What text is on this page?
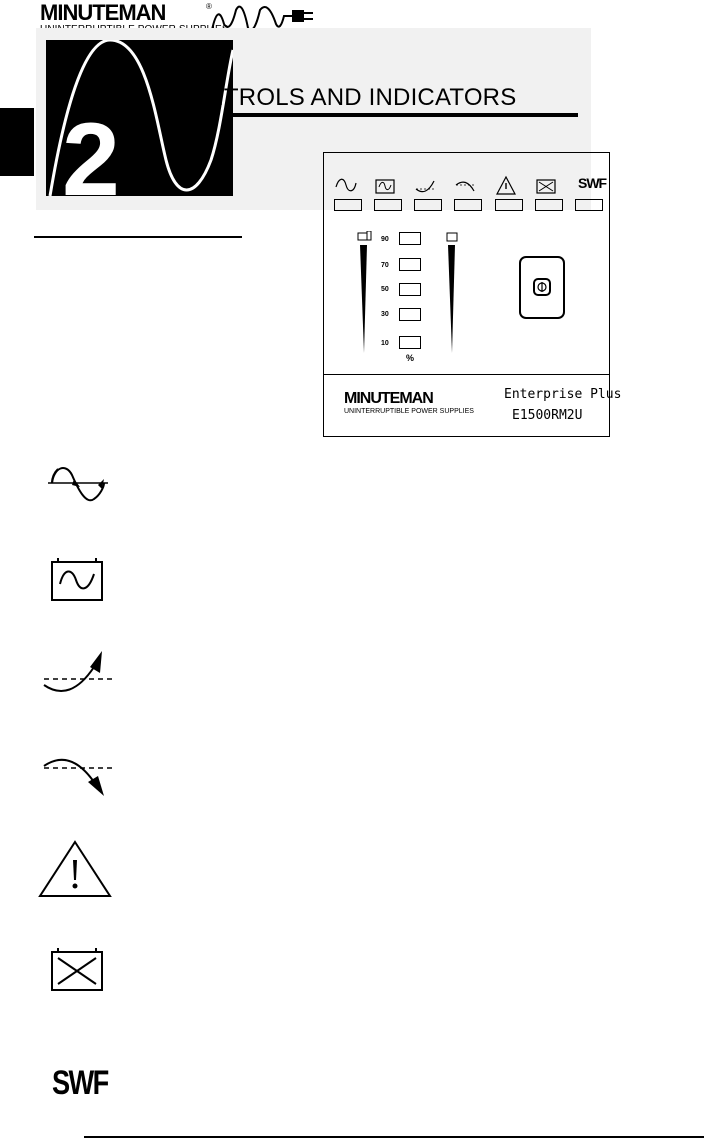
MINUTEMAN	®
2
CONTROLS AND INDICATORS
SWF
90
70
50
30
10
%
MINUTEMAN
UNINTERRUPTIBLE POWER SUPPLIES
Enterprise Plus
E1500RM2U
SWF
